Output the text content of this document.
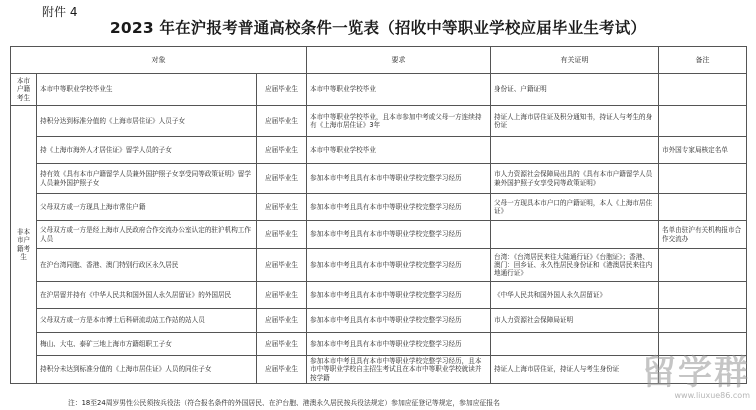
附件 4
2023 年在沪报考普通高校条件一览表（招收中等职业学校应届毕业生考试）
对象			要求	有关证明	备注
本市户籍考生	本市中等职业学校毕业生	应届毕业生	本市中等职业学校毕业	身份证、户籍证明	
非本市户籍考生	持积分达到标准分值的《上海市居住证》人员子女	应届毕业生	本市中等职业学校毕业，且本市参加中考或父母一方连续持有《上海市居住证》3年	持证人上海市居住证及积分通知书，持证人与考生的身份证	
	持《上海市海外人才居住证》留学人员的子女	应届毕业生	本市中等职业学校毕业		市外国专家局核定名单
	持有效《具有本市户籍留学人员兼外国护照子女享受同等政策证明》留学人员兼外国护照子女	应届毕业生	参加本市中考且具有本市中等职业学校完整学习经历	市人力资源社会保障局出具的《具有本市户籍留学人员兼外国护照子女享受同等政策证明》	
	父母双方或一方现具上海市常住户籍	应届毕业生	参加本市中考且具有本市中等职业学校完整学习经历	父母一方现具本市户口的户籍证明，本人《上海市居住证》	
	父母双方或一方是经上海市人民政府合作交流办公室认定的驻沪机构工作人员	应届毕业生	参加本市中考且具有本市中等职业学校完整学习经历		名单由驻沪有关机构报市合作交流办
	在沪台湾同胞、香港、澳门特别行政区永久居民	应届毕业生	参加本市中考且具有本市中等职业学校完整学习经历	台湾：《台湾居民来往大陆通行证》《台胞证》；香港、澳门：回乡证、永久性居民身份证和《港澳居民来往内地通行证》	
	在沪居留并持有《中华人民共和国外国人永久居留证》的外国居民	应届毕业生	参加本市中考且具有本市中等职业学校完整学习经历	《中华人民共和国外国人永久居留证》	
	父母双方或一方是本市博士后科研流动站工作站的站人员	应届毕业生	参加本市中考且具有本市中等职业学校完整学习经历	市人力资源社会保障局证明	
	梅山、大屯、泰矿三地上海市方籍组职工子女	应届毕业生	参加本市中考且具有本市中等职业学校完整学习经历		
	持积分未达到标准分值的《上海市居住证》人员的同住子女	应届毕业生	参加本市中考且具有本市中等职业学校完整学习经历，且本市中等职业学校自主招生考试且在本市中等职业学校就读并按学籍	持证人上海市居住证，持证人与考生身份证	
注：18至24周岁男性公民须按兵役法（符合报名条件的外国居民、在沪台胞、港澳永久居民按兵役法规定）参加应征登记等规定，参加应征报名
留学群
www.liuxue86.com
